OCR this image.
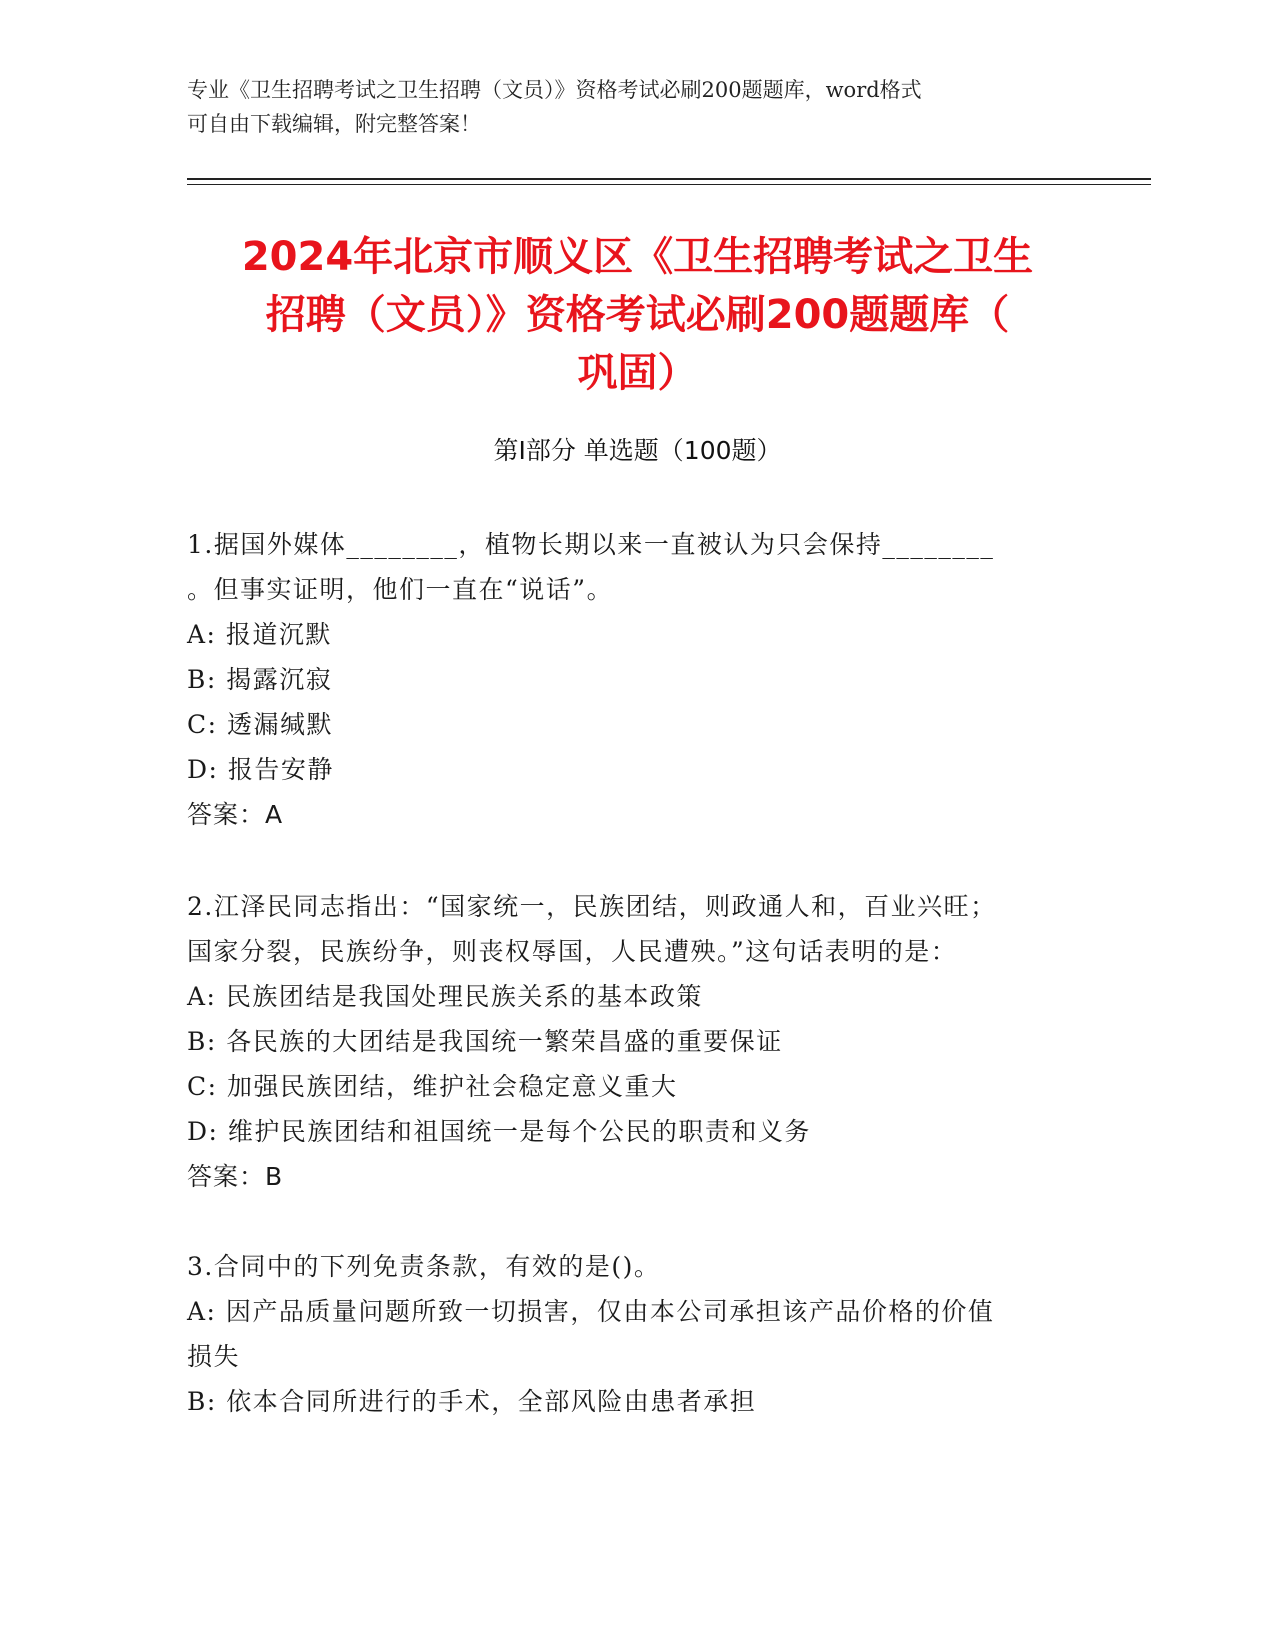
专业《卫生招聘考试之卫生招聘（文员）》资格考试必刷200题题库，word格式
可自由下载编辑，附完整答案！
2024年北京市顺义区《卫生招聘考试之卫生
招聘（文员）》资格考试必刷200题题库（
巩固）
第Ⅰ部分 单选题（100题）
1.据国外媒体________，植物长期以来一直被认为只会保持________
。但事实证明，他们一直在“说话”。
A: 报道沉默
B: 揭露沉寂
C: 透漏缄默
D: 报告安静
答案：A
2.江泽民同志指出：“国家统一，民族团结，则政通人和，百业兴旺；
国家分裂，民族纷争，则丧权辱国，人民遭殃。”这句话表明的是：
A: 民族团结是我国处理民族关系的基本政策
B: 各民族的大团结是我国统一繁荣昌盛的重要保证
C: 加强民族团结，维护社会稳定意义重大
D: 维护民族团结和祖国统一是每个公民的职责和义务
答案：B
3.合同中的下列免责条款，有效的是()。
A: 因产品质量问题所致一切损害，仅由本公司承担该产品价格的价值
损失
B: 依本合同所进行的手术，全部风险由患者承担
